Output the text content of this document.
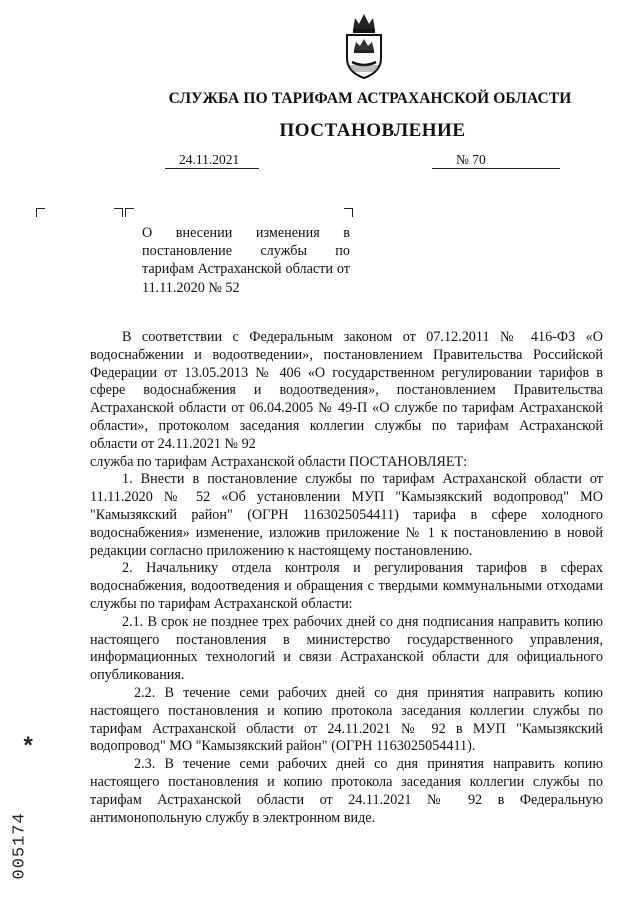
СЛУЖБА ПО ТАРИФАМ АСТРАХАНСКОЙ ОБЛАСТИ
ПОСТАНОВЛЕНИЕ
24.11.2021	№ 70
О внесении изменения в постановление службы по тарифам Астраханской области от 11.11.2020 № 52

В соответствии с Федеральным законом от 07.12.2011 № 416-ФЗ «О водоснабжении и водоотведении», постановлением Правительства Российской Федерации от 13.05.2013 № 406 «О государственном регулировании тарифов в сфере водоснабжения и водоотведения», постановлением Правительства Астраханской области от 06.04.2005 № 49-П «О службе по тарифам Астраханской области», протоколом заседания коллегии службы по тарифам Астраханской области от 24.11.2021 № 92

служба по тарифам Астраханской области ПОСТАНОВЛЯЕТ:

1. Внести в постановление службы по тарифам Астраханской области от 11.11.2020 № 52 «Об установлении МУП "Камызякский водопровод" МО "Камызякский район" (ОГРН 1163025054411) тарифа в сфере холодного водоснабжения» изменение, изложив приложение № 1 к постановлению в новой редакции согласно приложению к настоящему постановлению.

2. Начальнику отдела контроля и регулирования тарифов в сферах водоснабжения, водоотведения и обращения с твердыми коммунальными отходами службы по тарифам Астраханской области:

2.1. В срок не позднее трех рабочих дней со дня подписания направить копию настоящего постановления в министерство государственного управления, информационных технологий и связи Астраханской области для официального опубликования.

2.2. В течение семи рабочих дней со дня принятия направить копию настоящего постановления и копию протокола заседания коллегии службы по тарифам Астраханской области от 24.11.2021 № 92 в МУП "Камызякский водопровод" МО "Камызякский район" (ОГРН 1163025054411).

2.3. В течение семи рабочих дней со дня принятия направить копию настоящего постановления и копию протокола заседания коллегии службы по тарифам Астраханской области от 24.11.2021 № 92 в Федеральную антимонопольную службу в электронном виде.

*
005174
